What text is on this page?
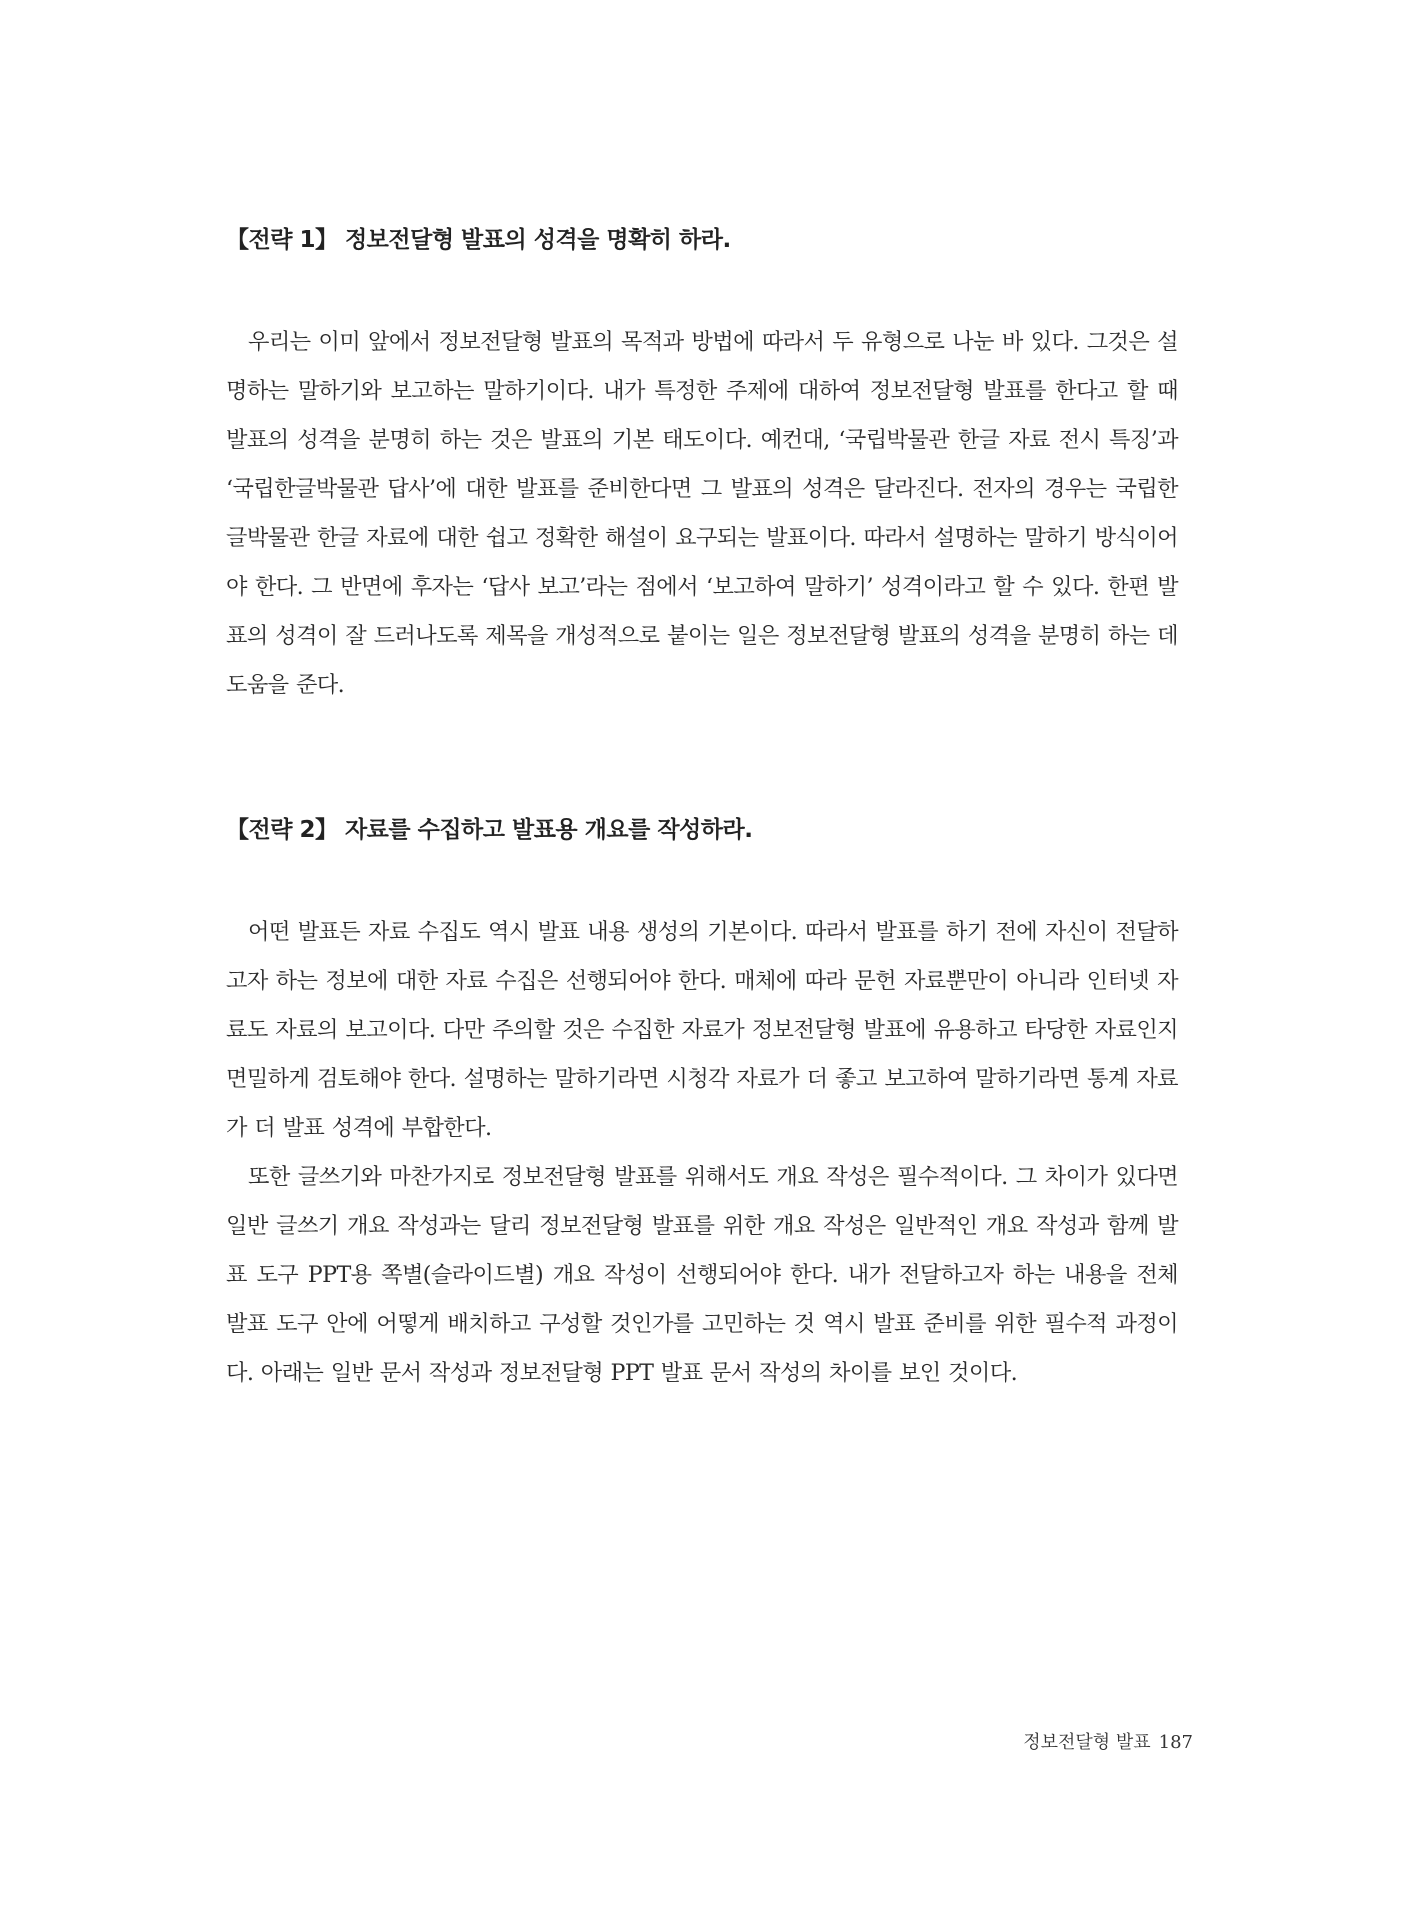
【전략 1】 정보전달형 발표의 성격을 명확히 하라.

우리는 이미 앞에서 정보전달형 발표의 목적과 방법에 따라서 두 유형으로 나눈 바 있다. 그것은 설명하는 말하기와 보고하는 말하기이다. 내가 특정한 주제에 대하여 정보전달형 발표를 한다고 할 때 발표의 성격을 분명히 하는 것은 발표의 기본 태도이다. 예컨대, ‘국립박물관 한글 자료 전시 특징’과 ‘국립한글박물관 답사’에 대한 발표를 준비한다면 그 발표의 성격은 달라진다. 전자의 경우는 국립한글박물관 한글 자료에 대한 쉽고 정확한 해설이 요구되는 발표이다. 따라서 설명하는 말하기 방식이어야 한다. 그 반면에 후자는 ‘답사 보고’라는 점에서 ‘보고하여 말하기’ 성격이라고 할 수 있다. 한편 발표의 성격이 잘 드러나도록 제목을 개성적으로 붙이는 일은 정보전달형 발표의 성격을 분명히 하는 데 도움을 준다.

【전략 2】 자료를 수집하고 발표용 개요를 작성하라.

어떤 발표든 자료 수집도 역시 발표 내용 생성의 기본이다. 따라서 발표를 하기 전에 자신이 전달하고자 하는 정보에 대한 자료 수집은 선행되어야 한다. 매체에 따라 문헌 자료뿐만이 아니라 인터넷 자료도 자료의 보고이다. 다만 주의할 것은 수집한 자료가 정보전달형 발표에 유용하고 타당한 자료인지 면밀하게 검토해야 한다. 설명하는 말하기라면 시청각 자료가 더 좋고 보고하여 말하기라면 통계 자료가 더 발표 성격에 부합한다.

또한 글쓰기와 마찬가지로 정보전달형 발표를 위해서도 개요 작성은 필수적이다. 그 차이가 있다면 일반 글쓰기 개요 작성과는 달리 정보전달형 발표를 위한 개요 작성은 일반적인 개요 작성과 함께 발표 도구 PPT용 쪽별(슬라이드별) 개요 작성이 선행되어야 한다. 내가 전달하고자 하는 내용을 전체 발표 도구 안에 어떻게 배치하고 구성할 것인가를 고민하는 것 역시 발표 준비를 위한 필수적 과정이다. 아래는 일반 문서 작성과 정보전달형 PPT 발표 문서 작성의 차이를 보인 것이다.

정보전달형 발표 187
